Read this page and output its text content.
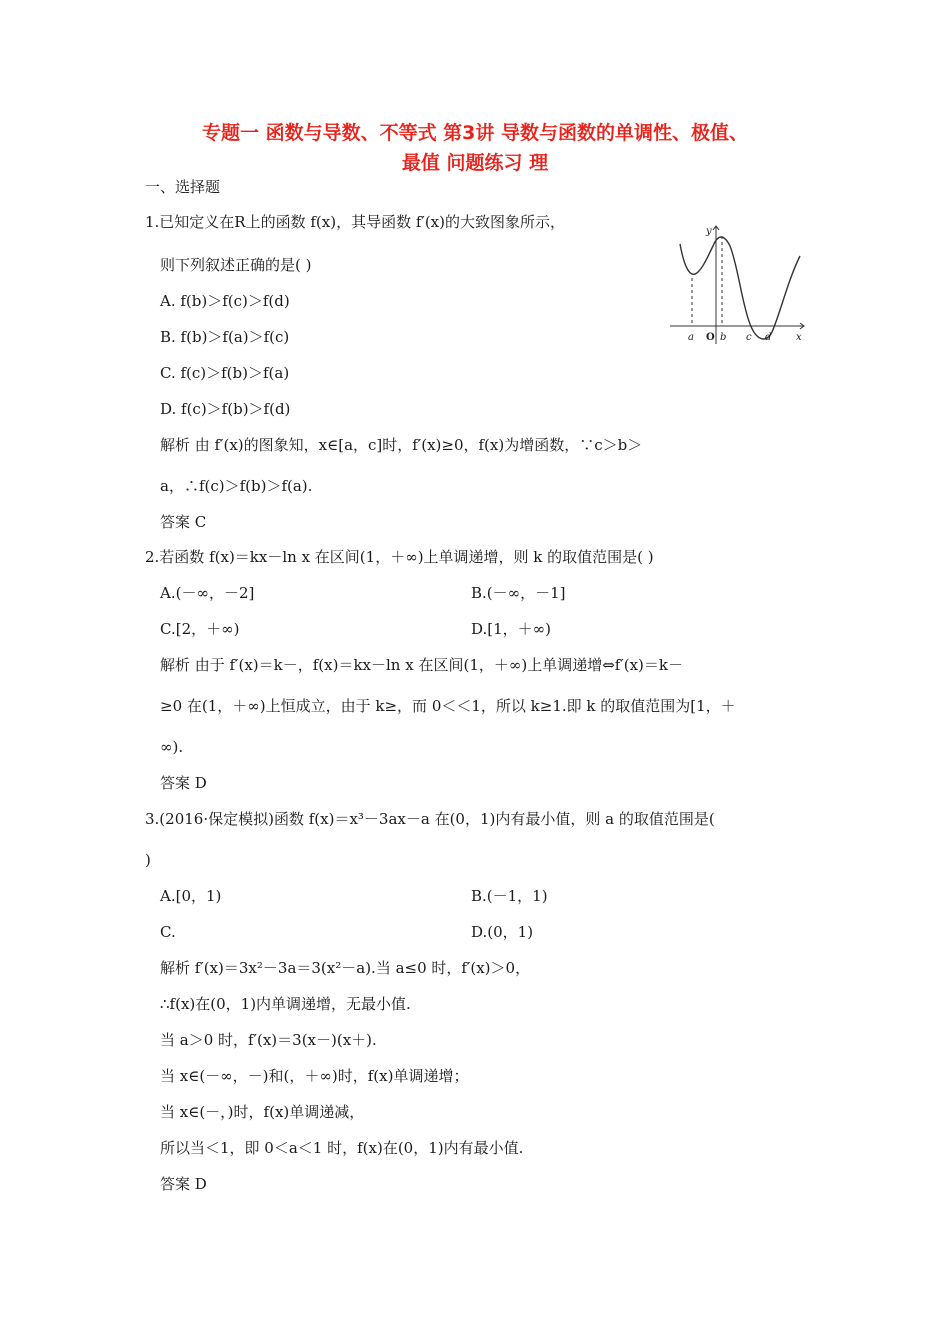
专题一 函数与导数、不等式 第3讲 导数与函数的单调性、极值、
最值 问题练习 理
一、选择题
1.已知定义在R上的函数 f(x)，其导函数 f′(x)的大致图象所示，
则下列叙述正确的是( )
A. f(b)＞f(c)＞f(d)
B. f(b)＞f(a)＞f(c)
C. f(c)＞f(b)＞f(a)
D. f(c)＞f(b)＞f(d)
解析 由 f′(x)的图象知，x∈[a，c]时，f′(x)≥0，f(x)为增函数，∵c＞b＞
a，∴f(c)＞f(b)＞f(a).
答案 C
y
x
a O b c d
2.若函数 f(x)＝kx－ln x 在区间(1，＋∞)上单调递增，则 k 的取值范围是( )
A.(－∞，－2]	B.(－∞，－1]
C.[2，＋∞)	D.[1，＋∞)
解析 由于 f′(x)＝k－，f(x)＝kx－ln x 在区间(1，＋∞)上单调递增⇔f′(x)＝k－
≥0 在(1，＋∞)上恒成立，由于 k≥，而 0＜＜1，所以 k≥1.即 k 的取值范围为[1，＋
∞).
答案 D
3.(2016·保定模拟)函数 f(x)＝x³－3ax－a 在(0，1)内有最小值，则 a 的取值范围是(
)
A.[0，1)	B.(－1，1)
C.	D.(0，1)
解析 f′(x)＝3x²－3a＝3(x²－a).当 a≤0 时，f′(x)＞0，
∴f(x)在(0，1)内单调递增，无最小值.
当 a＞0 时，f′(x)＝3(x－)(x＋).
当 x∈(－∞，－)和(，＋∞)时，f(x)单调递增；
当 x∈(－，)时，f(x)单调递减，
所以当＜1，即 0＜a＜1 时，f(x)在(0，1)内有最小值.
答案 D
